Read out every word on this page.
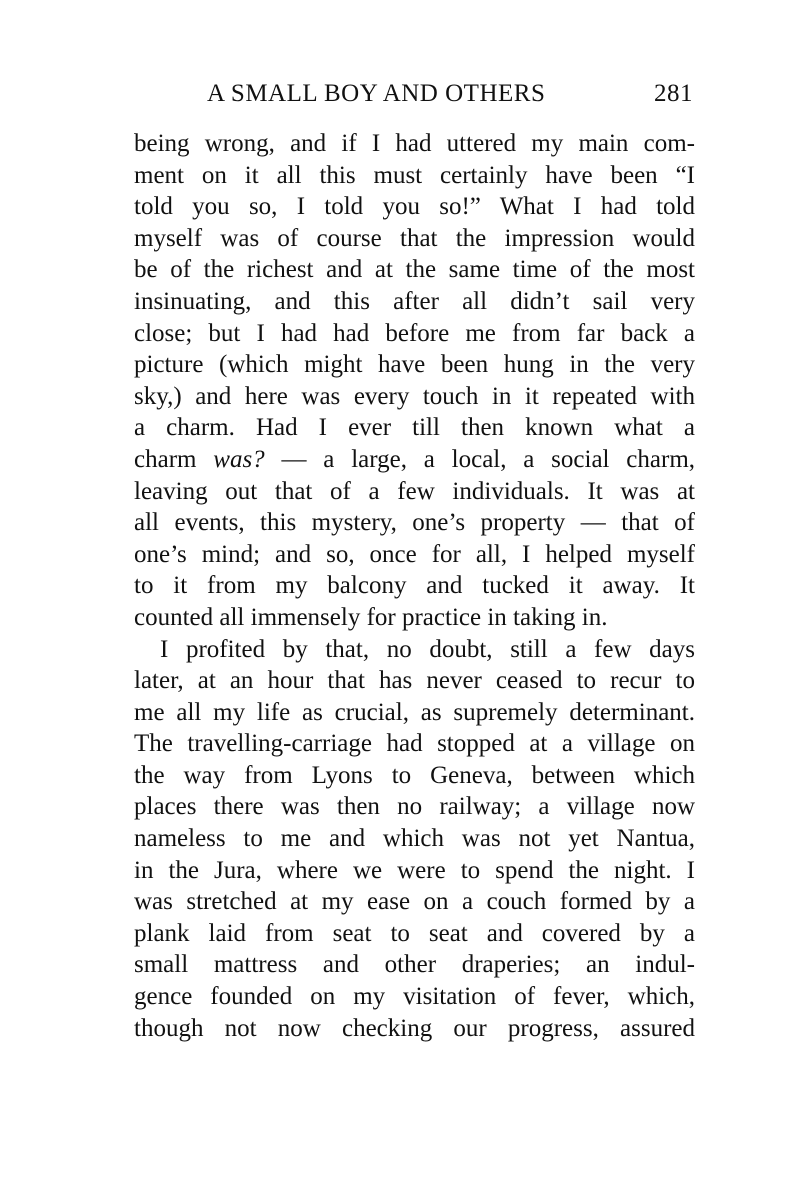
A SMALL BOY AND OTHERS	281
being wrong, and if I had uttered my main com-
ment on it all this must certainly have been “I
told you so, I told you so!” What I had told
myself was of course that the impression would
be of the richest and at the same time of the most
insinuating, and this after all didn’t sail very
close; but I had had before me from far back a
picture (which might have been hung in the very
sky,) and here was every touch in it repeated with
a charm. Had I ever till then known what a
charm was? — a large, a local, a social charm,
leaving out that of a few individuals. It was at
all events, this mystery, one’s property — that of
one’s mind; and so, once for all, I helped myself
to it from my balcony and tucked it away. It
counted all immensely for practice in taking in.
I profited by that, no doubt, still a few days
later, at an hour that has never ceased to recur to
me all my life as crucial, as supremely determinant.
The travelling-carriage had stopped at a village on
the way from Lyons to Geneva, between which
places there was then no railway; a village now
nameless to me and which was not yet Nantua,
in the Jura, where we were to spend the night. I
was stretched at my ease on a couch formed by a
plank laid from seat to seat and covered by a
small mattress and other draperies; an indul-
gence founded on my visitation of fever, which,
though not now checking our progress, assured
